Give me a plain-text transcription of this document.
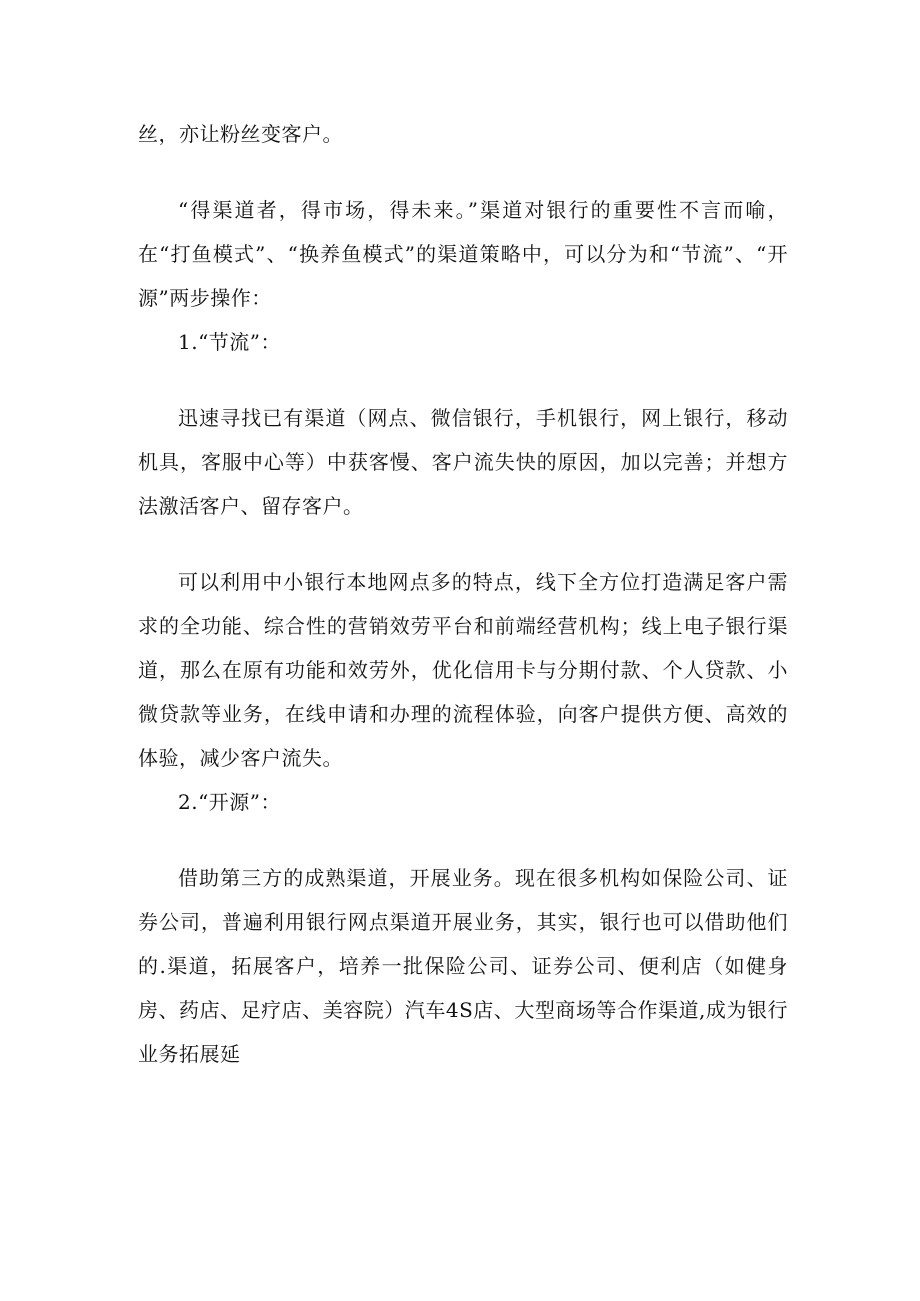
丝，亦让粉丝变客户。

“得渠道者，得市场，得未来。”渠道对银行的重要性不言而喻，在“打鱼模式”、“换养鱼模式”的渠道策略中，可以分为和“节流”、“开源”两步操作：

1.“节流”：

迅速寻找已有渠道（网点、微信银行，手机银行，网上银行，移动机具，客服中心等）中获客慢、客户流失快的原因，加以完善；并想方法激活客户、留存客户。

可以利用中小银行本地网点多的特点，线下全方位打造满足客户需求的全功能、综合性的营销效劳平台和前端经营机构；线上电子银行渠道，那么在原有功能和效劳外，优化信用卡与分期付款、个人贷款、小微贷款等业务，在线申请和办理的流程体验，向客户提供方便、高效的体验，减少客户流失。

2.“开源”：

借助第三方的成熟渠道，开展业务。现在很多机构如保险公司、证券公司，普遍利用银行网点渠道开展业务，其实，银行也可以借助他们的.渠道，拓展客户，培养一批保险公司、证券公司、便利店（如健身房、药店、足疗店、美容院）汽车4S店、大型商场等合作渠道,成为银行业务拓展延
